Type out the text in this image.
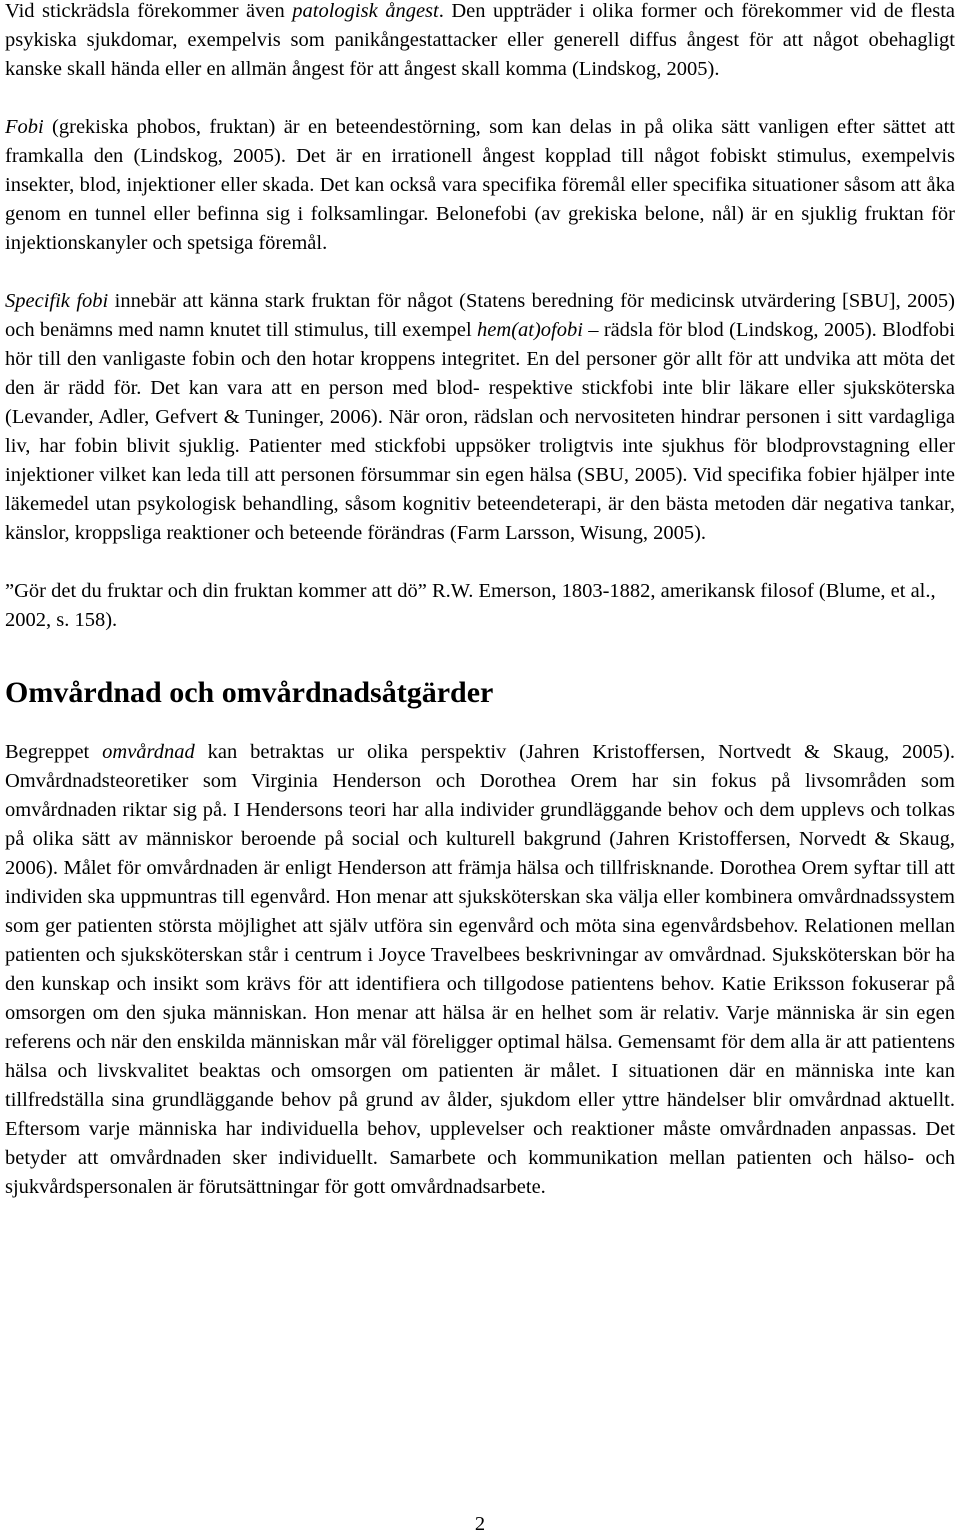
Vid stickrädsla förekommer även patologisk ångest. Den uppträder i olika former och förekommer vid de flesta psykiska sjukdomar, exempelvis som panikångestattacker eller generell diffus ångest för att något obehagligt kanske skall hända eller en allmän ångest för att ångest skall komma (Lindskog, 2005).

Fobi (grekiska phobos, fruktan) är en beteendestörning, som kan delas in på olika sätt vanligen efter sättet att framkalla den (Lindskog, 2005). Det är en irrationell ångest kopplad till något fobiskt stimulus, exempelvis insekter, blod, injektioner eller skada. Det kan också vara specifika föremål eller specifika situationer såsom att åka genom en tunnel eller befinna sig i folksamlingar. Belonefobi (av grekiska belone, nål) är en sjuklig fruktan för injektionskanyler och spetsiga föremål.

Specifik fobi innebär att känna stark fruktan för något (Statens beredning för medicinsk utvärdering [SBU], 2005) och benämns med namn knutet till stimulus, till exempel hem(at)ofobi – rädsla för blod (Lindskog, 2005). Blodfobi hör till den vanligaste fobin och den hotar kroppens integritet. En del personer gör allt för att undvika att möta det den är rädd för. Det kan vara att en person med blod- respektive stickfobi inte blir läkare eller sjuksköterska (Levander, Adler, Gefvert & Tuninger, 2006). När oron, rädslan och nervositeten hindrar personen i sitt vardagliga liv, har fobin blivit sjuklig. Patienter med stickfobi uppsöker troligtvis inte sjukhus för blodprovstagning eller injektioner vilket kan leda till att personen försummar sin egen hälsa (SBU, 2005). Vid specifika fobier hjälper inte läkemedel utan psykologisk behandling, såsom kognitiv beteendeterapi, är den bästa metoden där negativa tankar, känslor, kroppsliga reaktioner och beteende förändras (Farm Larsson, Wisung, 2005).

”Gör det du fruktar och din fruktan kommer att dö” R.W. Emerson, 1803-1882, amerikansk filosof (Blume, et al., 2002, s. 158).

Omvårdnad och omvårdnadsåtgärder

Begreppet omvårdnad kan betraktas ur olika perspektiv (Jahren Kristoffersen, Nortvedt & Skaug, 2005). Omvårdnadsteoretiker som Virginia Henderson och Dorothea Orem har sin fokus på livsområden som omvårdnaden riktar sig på. I Hendersons teori har alla individer grundläggande behov och dem upplevs och tolkas på olika sätt av människor beroende på social och kulturell bakgrund (Jahren Kristoffersen, Norvedt & Skaug, 2006). Målet för omvårdnaden är enligt Henderson att främja hälsa och tillfrisknande. Dorothea Orem syftar till att individen ska uppmuntras till egenvård. Hon menar att sjuksköterskan ska välja eller kombinera omvårdnadssystem som ger patienten största möjlighet att själv utföra sin egenvård och möta sina egenvårdsbehov. Relationen mellan patienten och sjuksköterskan står i centrum i Joyce Travelbees beskrivningar av omvårdnad. Sjuksköterskan bör ha den kunskap och insikt som krävs för att identifiera och tillgodose patientens behov. Katie Eriksson fokuserar på omsorgen om den sjuka människan. Hon menar att hälsa är en helhet som är relativ. Varje människa är sin egen referens och när den enskilda människan mår väl föreligger optimal hälsa. Gemensamt för dem alla är att patientens hälsa och livskvalitet beaktas och omsorgen om patienten är målet. I situationen där en människa inte kan tillfredställa sina grundläggande behov på grund av ålder, sjukdom eller yttre händelser blir omvårdnad aktuellt. Eftersom varje människa har individuella behov, upplevelser och reaktioner måste omvårdnaden anpassas. Det betyder att omvårdnaden sker individuellt. Samarbete och kommunikation mellan patienten och hälso- och sjukvårdspersonalen är förutsättningar för gott omvårdnadsarbete.

2
